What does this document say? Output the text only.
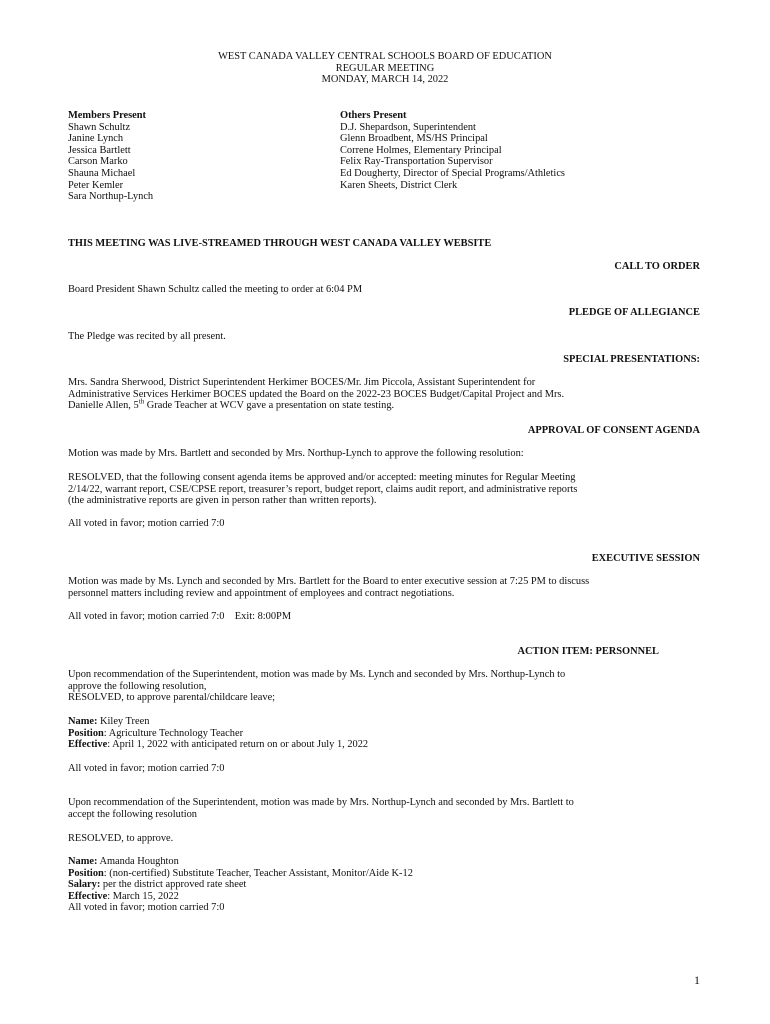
WEST CANADA VALLEY CENTRAL SCHOOLS BOARD OF EDUCATION

REGULAR MEETING

MONDAY, MARCH 14, 2022

Members Present
Shawn Schultz
Janine Lynch
Jessica Bartlett
Carson Marko
Shauna Michael
Peter Kemler
Sara Northup-Lynch
Others Present
D.J. Shepardson, Superintendent
Glenn Broadbent, MS/HS Principal
Correne Holmes, Elementary Principal
Felix Ray-Transportation Supervisor
Ed Dougherty, Director of Special Programs/Athletics
Karen Sheets, District Clerk

THIS MEETING WAS LIVE-STREAMED THROUGH WEST CANADA VALLEY WEBSITE

CALL TO ORDER

Board President Shawn Schultz called the meeting to order at 6:04 PM

PLEDGE OF ALLEGIANCE

The Pledge was recited by all present.

SPECIAL PRESENTATIONS:

Mrs. Sandra Sherwood, District Superintendent Herkimer BOCES/Mr. Jim Piccola, Assistant Superintendent for
Administrative Services Herkimer BOCES updated the Board on the 2022-23 BOCES Budget/Capital Project and Mrs.
Danielle Allen, 5th Grade Teacher at WCV gave a presentation on state testing.

APPROVAL OF CONSENT AGENDA

Motion was made by Mrs. Bartlett and seconded by Mrs. Northup-Lynch to approve the following resolution:

RESOLVED, that the following consent agenda items be approved and/or accepted: meeting minutes for Regular Meeting
2/14/22, warrant report, CSE/CPSE report, treasurer’s report, budget report, claims audit report, and administrative reports
(the administrative reports are given in person rather than written reports).

All voted in favor; motion carried 7:0

EXECUTIVE SESSION

Motion was made by Ms. Lynch and seconded by Mrs. Bartlett for the Board to enter executive session at 7:25 PM to discuss
personnel matters including review and appointment of employees and contract negotiations.

All voted in favor; motion carried 7:0    Exit: 8:00PM

ACTION ITEM: PERSONNEL

Upon recommendation of the Superintendent, motion was made by Ms. Lynch and seconded by Mrs. Northup-Lynch to
approve the following resolution,
RESOLVED, to approve parental/childcare leave;
Name: Kiley Treen
Position: Agriculture Technology Teacher
Effective: April 1, 2022 with anticipated return on or about July 1, 2022

All voted in favor; motion carried 7:0

Upon recommendation of the Superintendent, motion was made by Mrs. Northup-Lynch and seconded by Mrs. Bartlett to
accept the following resolution

RESOLVED, to approve.

Name: Amanda Houghton
Position: (non-certified) Substitute Teacher, Teacher Assistant, Monitor/Aide K-12
Salary: per the district approved rate sheet
Effective: March 15, 2022
All voted in favor; motion carried 7:0

1
